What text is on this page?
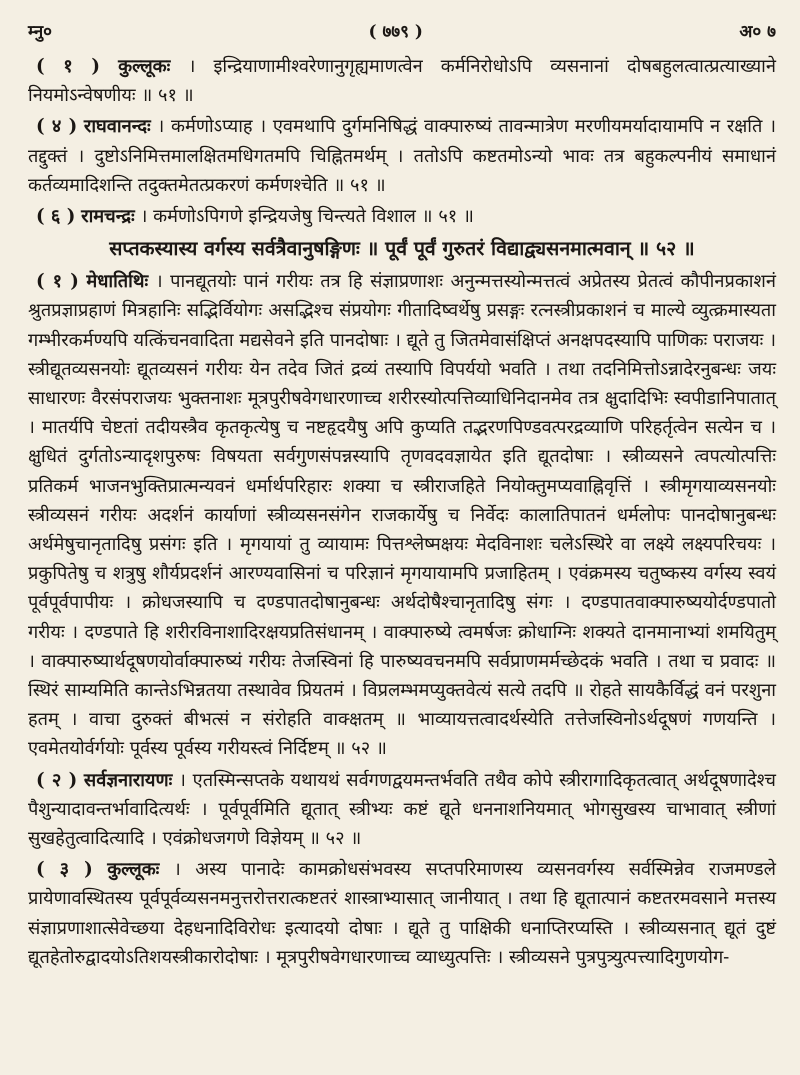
म्नु०	( ७७९ )	अ० ७

( १ ) कुल्लूकः । इन्द्रियाणामीश्वरेणानुगृह्यमाणत्वेन कर्मनिरोधोऽपि व्यसनानां दोषबहुलत्वात्प्रत्याख्याने नियमोऽन्वेषणीयः ॥ ५१ ॥

( ४ ) राघवानन्दः । कर्मणोऽप्याह । एवमथापि दुर्गमनिषिद्धं वाक्पारुष्यं तावन्मात्रेण मरणीयमर्यादायामपि न रक्षति । तद्दुक्तं । दुष्टोऽनिमित्तमालक्षितमधिगतमपि चिह्नितमर्थम् । ततोऽपि कष्टतमोऽन्यो भावः तत्र बहुकल्पनीयं समाधानं कर्तव्यमादिशन्ति तदुक्तमेतत्प्रकरणं कर्मणश्चेति ॥ ५१ ॥

( ६ ) रामचन्द्रः । कर्मणोऽपिगणे इन्द्रियजेषु चिन्त्यते विशाल ॥ ५१ ॥

सप्तकस्यास्य वर्गस्य सर्वत्रैवानुषङ्गिणः ॥ पूर्वं पूर्वं गुरुतरं विद्याद्व्यसनमात्मवान् ॥ ५२ ॥

( १ ) मेधातिथिः । पानद्यूतयोः पानं गरीयः तत्र हि संज्ञाप्रणाशः अनुन्मत्तस्योन्मत्तत्वं अप्रेतस्य प्रेतत्वं कौपीनप्रकाशनं श्रुतप्रज्ञाप्रहाणं मित्रहानिः सद्भिर्वियोगः असद्भिश्च संप्रयोगः गीतादिष्वर्थेषु प्रसङ्गः रत्नस्त्रीप्रकाशनं च माल्ये व्युत्क्रमास्यता गम्भीरकर्मण्यपि यत्किंचनवादिता मद्यसेवने इति पानदोषाः । द्यूते तु जितमेवासंक्षिप्तं अनक्षपदस्यापि पाणिकः पराजयः । स्त्रीद्यूतव्यसनयोः द्यूतव्यसनं गरीयः येन तदेव जितं द्रव्यं तस्यापि विपर्ययो भवति । तथा तदनिमित्तोऽन्नादेरनुबन्धः जयः साधारणः वैरसंपराजयः भुक्तनाशः मूत्रपुरीषवेगधारणाच्च शरीरस्योत्पत्तिव्याधिनिदानमेव तत्र क्षुदादिभिः स्वपीडानिपातात् । मातर्यपि चेष्टतां तदीयस्त्रैव कृतकृत्येषु च नष्टहृदयैषु अपि कुप्यति तद्भरणपिण्डवत्परद्रव्याणि परिहर्तृत्वेन सत्येन च । क्षुधितं दुर्गतोऽन्यादृशपुरुषः विषयता सर्वगुणसंपन्नस्यापि तृणवदवज्ञायेत इति द्यूतदोषाः । स्त्रीव्यसने त्वपत्योत्पत्तिः प्रतिकर्म भाजनभुक्तिप्रात्मन्यवनं धर्मार्थपरिहारः शक्या च स्त्रीराजहिते नियोक्तुमप्यवाह्निवृत्तिं । स्त्रीमृगयाव्यसनयोः स्त्रीव्यसनं गरीयः अदर्शनं कार्याणां स्त्रीव्यसनसंगेन राजकार्येषु च निर्वेदः कालातिपातनं धर्मलोपः पानदोषानुबन्धः अर्थमेषुचानृतादिषु प्रसंगः इति । मृगयायां तु व्यायामः पित्तश्लेष्मक्षयः मेदविनाशः चलेऽस्थिरे वा लक्ष्ये लक्ष्यपरिचयः । प्रकुपितेषु च शत्रुषु शौर्यप्रदर्शनं आरण्यवासिनां च परिज्ञानं मृगयायामपि प्रजाहितम् । एवंक्रमस्य चतुष्कस्य वर्गस्य स्वयं पूर्वपूर्वपापीयः । क्रोधजस्यापि च दण्डपातदोषानुबन्धः अर्थदोषैश्चानृतादिषु संगः । दण्डपातवाक्पारुष्ययोर्दण्डपातो गरीयः । दण्डपाते हि शरीरविनाशादिरक्षयप्रतिसंधानम् । वाक्पारुष्ये त्वमर्षजः क्रोधाग्निः शक्यते दानमानाभ्यां शमयितुम् । वाक्पारुष्यार्थदूषणयोर्वाक्पारुष्यं गरीयः तेजस्विनां हि पारुष्यवचनमपि सर्वप्राणमर्मच्छेदकं भवति । तथा च प्रवादः ॥ स्थिरं साम्यमिति कान्तेऽभिन्नतया तस्थावेव प्रियतमं । विप्रलम्भमप्युक्तवेत्यं सत्ये तदपि ॥ रोहते सायकैर्विद्धं वनं परशुना हतम् । वाचा दुरुक्तं बीभत्सं न संरोहति वाक्क्षतम् ॥ भाव्यायत्तत्वादर्थस्येति तत्तेजस्विनोऽर्थदूषणं गणयन्ति । एवमेतयोर्वर्गयोः पूर्वस्य पूर्वस्य गरीयस्त्वं निर्दिष्टम् ॥ ५२ ॥

( २ ) सर्वज्ञनारायणः । एतस्मिन्सप्तके यथायथं सर्वगणद्वयमन्तर्भवति तथैव कोपे स्त्रीरागादिकृतत्वात् अर्थदूषणादेश्च पैशुन्यादावन्तर्भावादित्यर्थः । पूर्वपूर्वमिति द्यूतात् स्त्रीभ्यः कष्टं द्यूते धननाशनियमात् भोगसुखस्य चाभावात् स्त्रीणां सुखहेतुत्वादित्यादि । एवंक्रोधजगणे विज्ञेयम् ॥ ५२ ॥

( ३ ) कुल्लूकः । अस्य पानादेः कामक्रोधसंभवस्य सप्तपरिमाणस्य व्यसनवर्गस्य सर्वस्मिन्नेव राजमण्डले प्रायेणावस्थितस्य पूर्वपूर्वव्यसनमनुत्तरोत्तरात्कष्टतरं शास्त्राभ्यासात् जानीयात् । तथा हि द्यूतात्पानं कष्टतरमवसाने मत्तस्य संज्ञाप्रणाशात्सेवेच्छया देहधनादिविरोधः इत्यादयो दोषाः । द्यूते तु पाक्षिकी धनाप्तिरप्यस्ति । स्त्रीव्यसनात् द्यूतं दुष्टं द्यूतहेतोरुद्वादयोऽतिशयस्त्रीकारोदोषाः । मूत्रपुरीषवेगधारणाच्च व्याध्युत्पत्तिः । स्त्रीव्यसने पुत्रपुत्र्युत्पत्त्यादिगुणयोग-
